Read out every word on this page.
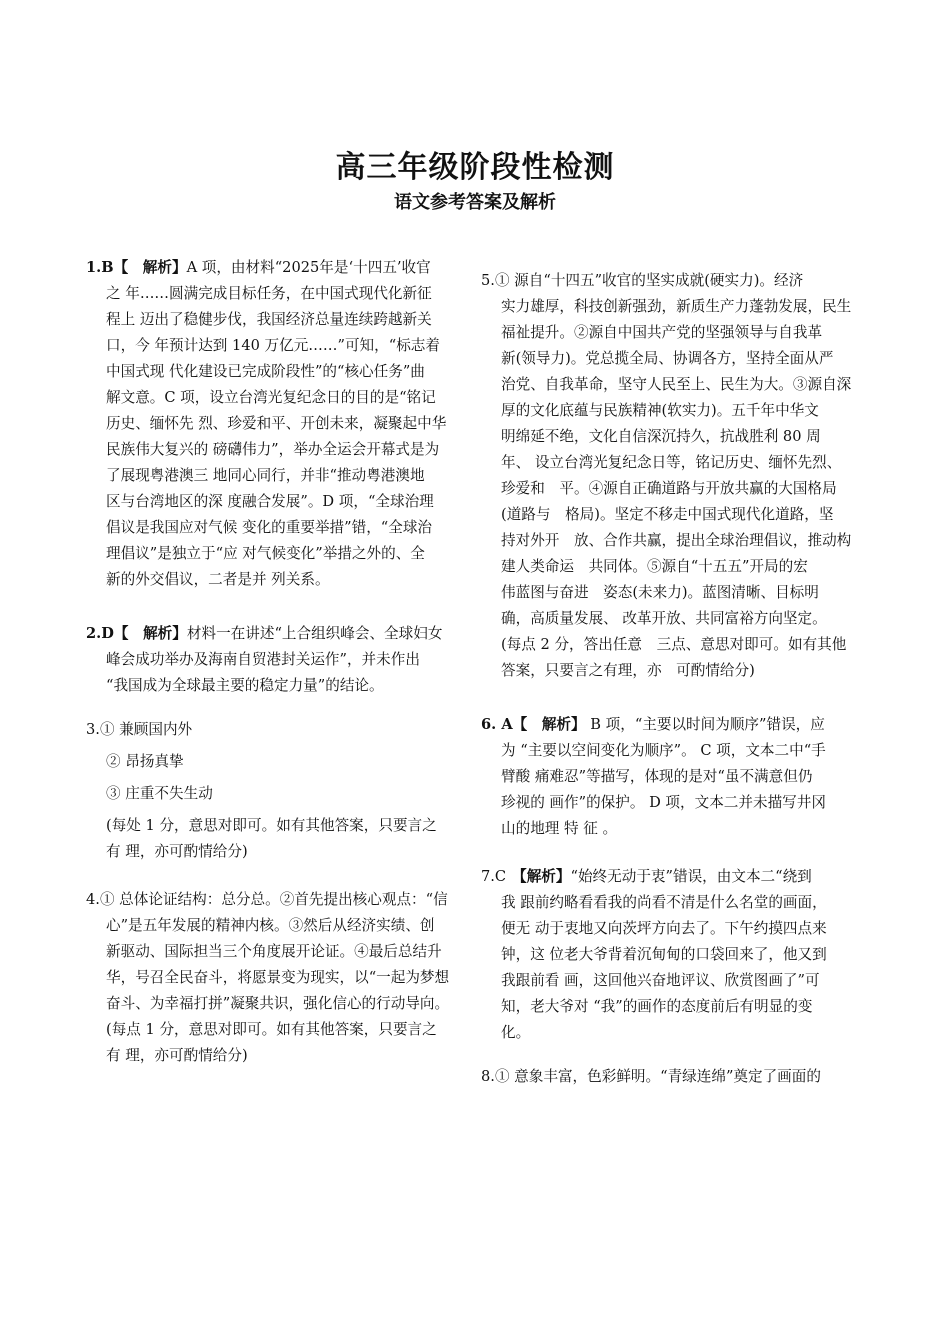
高三年级阶段性检测
语文参考答案及解析
1.B【　解析】A 项，由材料“2025年是‘十四五’收官
之 年……圆满完成目标任务，在中国式现代化新征
程上 迈出了稳健步伐，我国经济总量连续跨越新关
口，今 年预计达到 140 万亿元……”可知，“标志着
中国式现 代化建设已完成阶段性”的“核心任务”曲
解文意。C 项，设立台湾光复纪念日的目的是“铭记
历史、缅怀先 烈、珍爱和平、开创未来，凝聚起中华
民族伟大复兴的 磅礴伟力”，举办全运会开幕式是为
了展现粤港澳三 地同心同行，并非“推动粤港澳地
区与台湾地区的深 度融合发展”。D 项，“全球治理
倡议是我国应对气候 变化的重要举措”错，“全球治
理倡议”是独立于“应 对气候变化”举措之外的、全
新的外交倡议，二者是并 列关系。
2.D【　解析】材料一在讲述“上合组织峰会、全球妇女
峰会成功举办及海南自贸港封关运作”，并未作出
“我国成为全球最主要的稳定力量”的结论。
3.① 兼顾国内外
② 昂扬真挚
③ 庄重不失生动
(每处 1 分，意思对即可。如有其他答案，只要言之
有 理，亦可酌情给分)
4.① 总体论证结构：总分总。②首先提出核心观点：“信
心”是五年发展的精神内核。③然后从经济实绩、创
新驱动、国际担当三个角度展开论证。④最后总结升
华，号召全民奋斗，将愿景变为现实，以“一起为梦想
奋斗、为幸福打拼”凝聚共识，强化信心的行动导向。
(每点 1 分，意思对即可。如有其他答案，只要言之
有 理，亦可酌情给分)
5.① 源自“十四五”收官的坚实成就(硬实力)。经济
实力雄厚，科技创新强劲，新质生产力蓬勃发展，民生
福祉提升。②源自中国共产党的坚强领导与自我革
新(领导力)。党总揽全局、协调各方，坚持全面从严
治党、自我革命，坚守人民至上、民生为大。③源自深
厚的文化底蕴与民族精神(软实力)。五千年中华文
明绵延不绝，文化自信深沉持久，抗战胜利 80 周
年、 设立台湾光复纪念日等，铭记历史、缅怀先烈、
珍爱和　平。④源自正确道路与开放共赢的大国格局
(道路与　格局)。坚定不移走中国式现代化道路，坚
持对外开　放、合作共赢，提出全球治理倡议，推动构
建人类命运　共同体。⑤源自“十五五”开局的宏
伟蓝图与奋进　姿态(未来力)。蓝图清晰、目标明
确，高质量发展、 改革开放、共同富裕方向坚定。
(每点 2 分，答出任意　三点、意思对即可。如有其他
答案，只要言之有理，亦　可酌情给分)
6. A【　解析】 B 项，“主要以时间为顺序”错误，应
为 “主要以空间变化为顺序”。 C 项，文本二中“手
臂酸 痛难忍”等描写，体现的是对“虽不满意但仍
珍视的 画作”的保护。 D 项，文本二并未描写井冈
山的地理 特 征 。
7.C 【解析】“始终无动于衷”错误，由文本二“绕到
我 跟前约略看看我的尚看不清是什么名堂的画面，
便无 动于衷地又向茨坪方向去了。下午约摸四点来
钟，这 位老大爷背着沉甸甸的口袋回来了，他又到
我跟前看 画，这回他兴奋地评议、欣赏图画了”可
知，老大爷对 “我”的画作的态度前后有明显的变
化。
8.① 意象丰富，色彩鲜明。“青绿连绵”奠定了画面的
